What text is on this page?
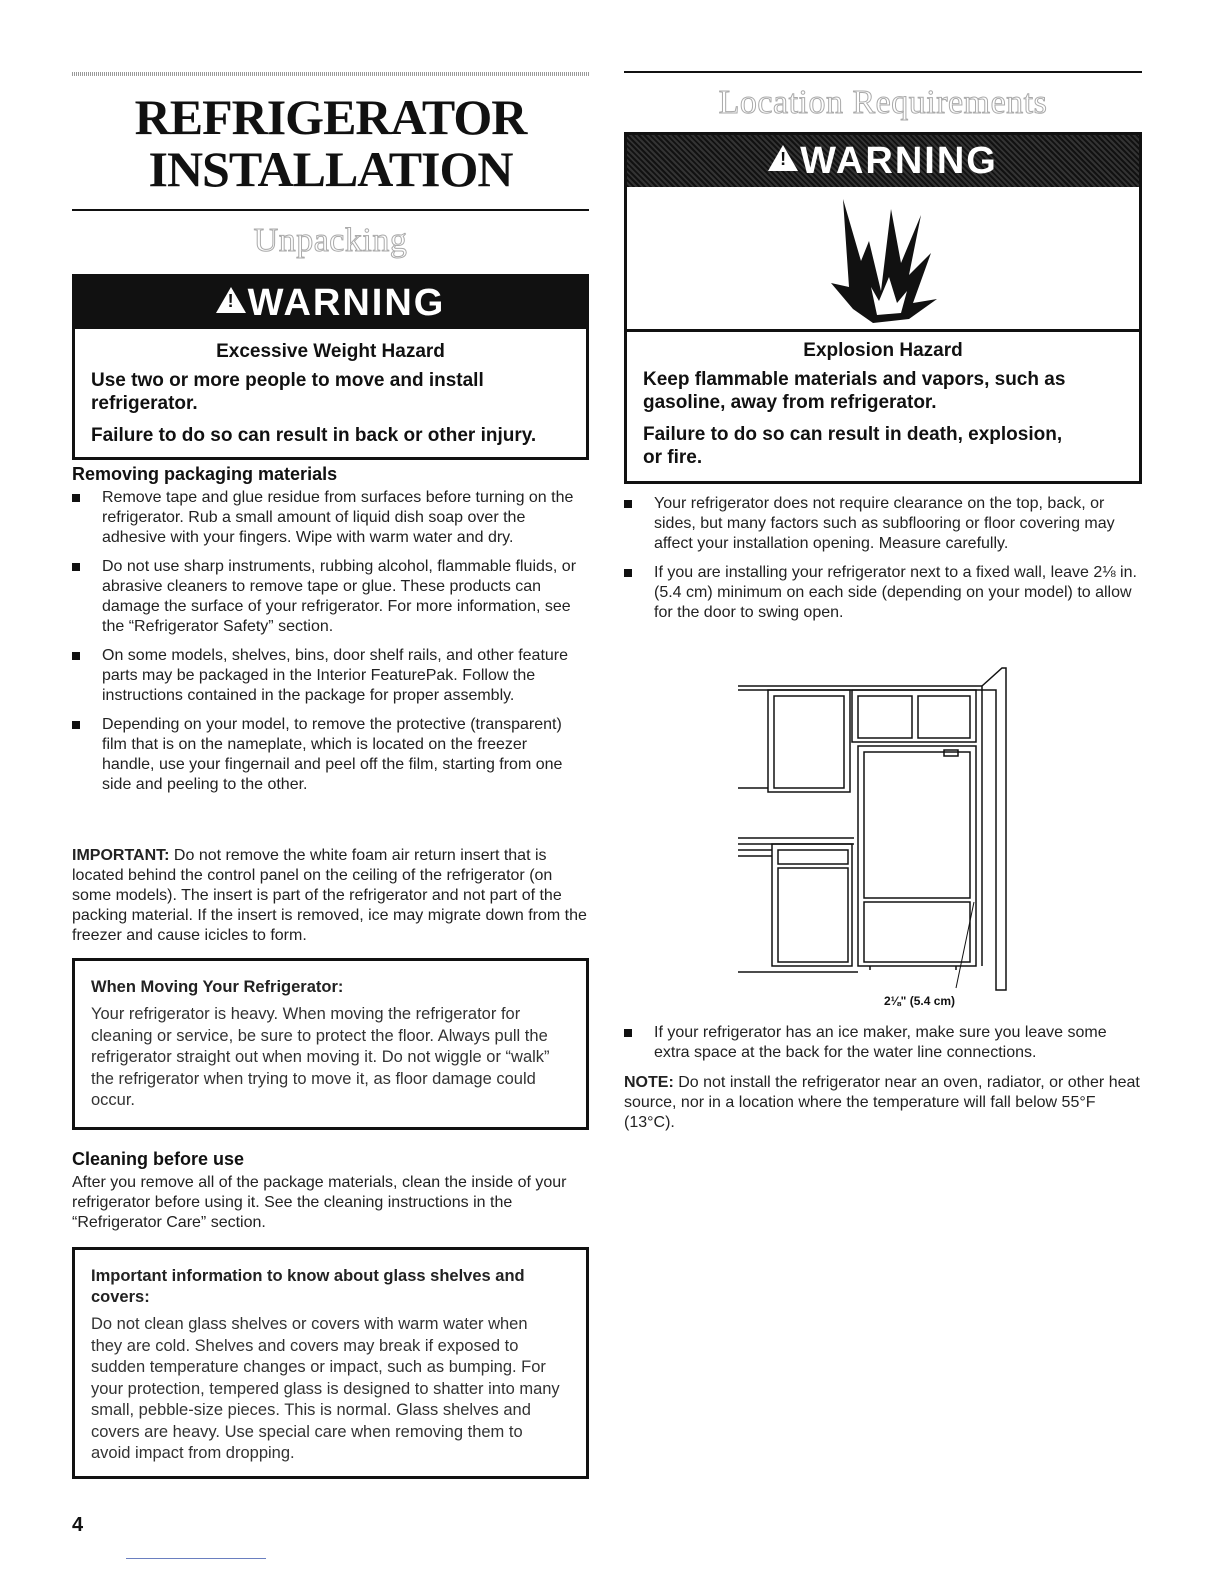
REFRIGERATOR
INSTALLATION
Unpacking
!WARNING
Excessive Weight Hazard
Use two or more people to move and install refrigerator.
Failure to do so can result in back or other injury.
Removing packaging materials
Remove tape and glue residue from surfaces before turning on the refrigerator. Rub a small amount of liquid dish soap over the adhesive with your fingers. Wipe with warm water and dry.
Do not use sharp instruments, rubbing alcohol, flammable fluids, or abrasive cleaners to remove tape or glue. These products can damage the surface of your refrigerator. For more information, see the “Refrigerator Safety” section.
On some models, shelves, bins, door shelf rails, and other feature parts may be packaged in the Interior FeaturePak. Follow the instructions contained in the package for proper assembly.
Depending on your model, to remove the protective (transparent) film that is on the nameplate, which is located on the freezer handle, use your fingernail and peel off the film, starting from one side and peeling to the other.
IMPORTANT: Do not remove the white foam air return insert that is located behind the control panel on the ceiling of the refrigerator (on some models). The insert is part of the refrigerator and not part of the packing material. If the insert is removed, ice may migrate down from the freezer and cause icicles to form.
When Moving Your Refrigerator:
Your refrigerator is heavy. When moving the refrigerator for cleaning or service, be sure to protect the floor. Always pull the refrigerator straight out when moving it. Do not wiggle or “walk” the refrigerator when trying to move it, as floor damage could occur.
Cleaning before use
After you remove all of the package materials, clean the inside of your refrigerator before using it. See the cleaning instructions in the “Refrigerator Care” section.
Important information to know about glass shelves and covers:
Do not clean glass shelves or covers with warm water when they are cold. Shelves and covers may break if exposed to sudden temperature changes or impact, such as bumping. For your protection, tempered glass is designed to shatter into many small, pebble-size pieces. This is normal. Glass shelves and covers are heavy. Use special care when removing them to avoid impact from dropping.
4
Location Requirements
!WARNING
Explosion Hazard
Keep flammable materials and vapors, such as gasoline, away from refrigerator.
Failure to do so can result in death, explosion, or fire.
Your refrigerator does not require clearance on the top, back, or sides, but many factors such as subflooring or floor covering may affect your installation opening. Measure carefully.
If you are installing your refrigerator next to a fixed wall, leave 2⅛ in. (5.4 cm) minimum on each side (depending on your model) to allow for the door to swing open.
2⅛" (5.4 cm)
If your refrigerator has an ice maker, make sure you leave some extra space at the back for the water line connections.
NOTE: Do not install the refrigerator near an oven, radiator, or other heat source, nor in a location where the temperature will fall below 55°F (13°C).
